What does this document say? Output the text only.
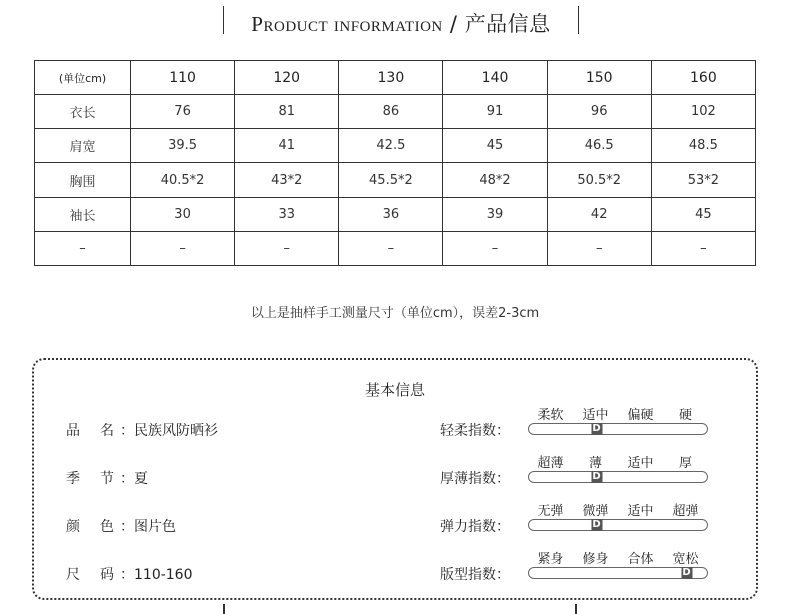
Product information / 产品信息
(单位cm)	110	120	130	140	150	160
衣长	76	81	86	91	96	102
肩宽	39.5	41	42.5	45	46.5	48.5
胸围	40.5*2	43*2	45.5*2	48*2	50.5*2	53*2
袖长	30	33	36	39	42	45
–	–	–	–	–	–	–
以上是抽样手工测量尺寸（单位cm），误差2-3cm
基本信息
品 名 ：民族风防晒衫
季 节 ：夏
颜 色 ：图片色
尺 码 ：110-160
轻柔指数：
柔软 适中 偏硬 硬
D
厚薄指数：
超薄 薄 适中 厚
D
弹力指数：
无弹 微弹 适中 超弹
D
版型指数：
紧身 修身 合体 宽松
D
